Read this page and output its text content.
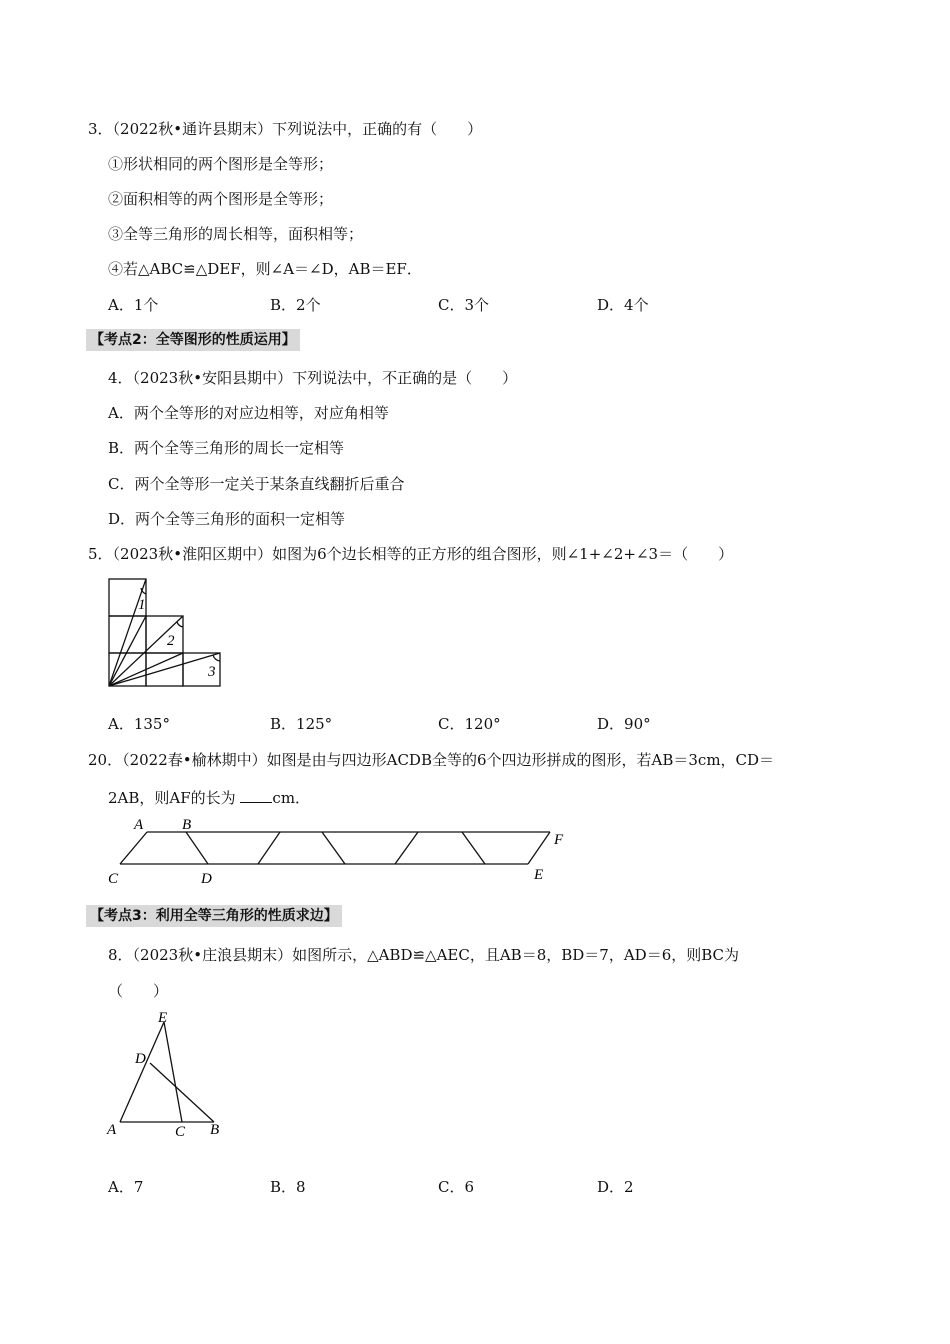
3．（2022秋•通许县期末）下列说法中，正确的有（　　）
①形状相同的两个图形是全等形；
②面积相等的两个图形是全等形；
③全等三角形的周长相等，面积相等；
④若△ABC≌△DEF，则∠A＝∠D，AB＝EF．
A．1个	B．2个	C．3个	D．4个
【考点2：全等图形的性质运用】
4．（2023秋•安阳县期中）下列说法中，不正确的是（　　）
A．两个全等形的对应边相等，对应角相等
B．两个全等三角形的周长一定相等
C．两个全等形一定关于某条直线翻折后重合
D．两个全等三角形的面积一定相等
5．（2023秋•淮阳区期中）如图为6个边长相等的正方形的组合图形，则∠1+∠2+∠3＝（　　）
1
2
3
A．135°	B．125°	C．120°	D．90°
20．（2022春•榆林期中）如图是由与四边形ACDB全等的6个四边形拼成的图形，若AB＝3cm，CD＝
2AB，则AF的长为 cm．
A	B
F
C	D	E
【考点3：利用全等三角形的性质求边】
8．（2023秋•庄浪县期末）如图所示，△ABD≌△AEC，且AB＝8，BD＝7，AD＝6，则BC为
（　　）
E
D
A	C B
A．7	B．8	C．6	D．2
